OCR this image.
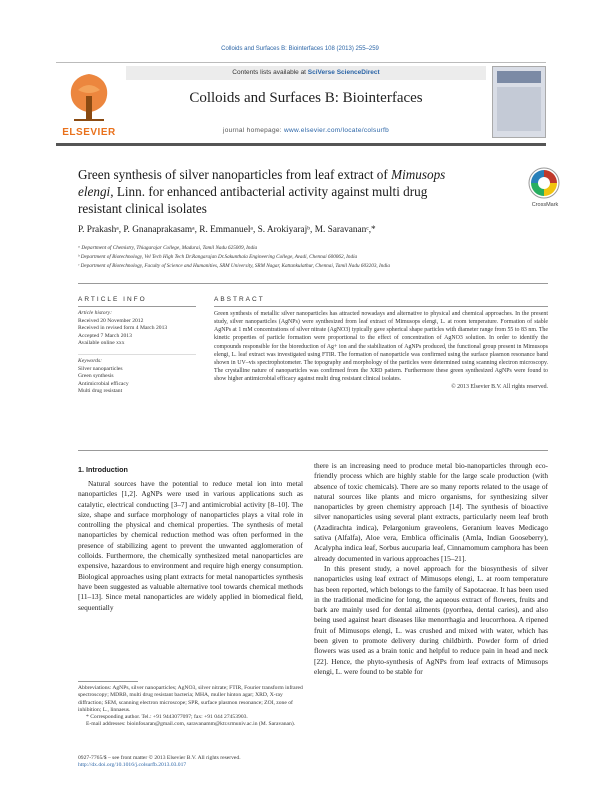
Colloids and Surfaces B: Biointerfaces 108 (2013) 255–259
ELSEVIER
Contents lists available at SciVerse ScienceDirect
Colloids and Surfaces B: Biointerfaces
journal homepage: www.elsevier.com/locate/colsurfb
Green synthesis of silver nanoparticles from leaf extract of Mimusops
elengi, Linn. for enhanced antibacterial activity against multi drug
resistant clinical isolates	CrossMark
P. Prakashᵃ, P. Gnanaprakasamᵃ, R. Emmanuelᵃ, S. Arokiyarajᵇ, M. Saravananᶜ,*
ᵃ Department of Chemistry, Thiagarajar College, Madurai, Tamil Nadu 625009, India
ᵇ Department of Biotechnology, Vel Tech High Tech Dr.Rangarajan Dr.Sakunthala Engineering College, Avadi, Chennai 600062, India
ᶜ Department of Biotechnology, Faculty of Science and Humanities, SRM University, SRM Nagar, Kattankulathur, Chennai, Tamil Nadu 603203, India
ARTICLE INFO
Article history:
Received 20 November 2012
Received in revised form 4 March 2013
Accepted 7 March 2013
Available online xxx
Keywords:
Silver nanoparticles
Green synthesis
Antimicrobial efficacy
Multi drug resistant
ABSTRACT
Green synthesis of metallic silver nanoparticles has attracted nowadays and alternative to physical and chemical approaches. In the present study, silver nanoparticles (AgNPs) were synthesized from leaf extract of Mimusops elengi, L. at room temperature. Formation of stable AgNPs at 1 mM concentrations of silver nitrate (AgNO3) typically gave spherical shape particles with diameter range from 55 to 83 nm. The kinetic properties of particle formation were proportional to the effect of concentration of AgNO3 solution. In order to identify the compounds responsible for the bioreduction of Ag+ ion and the stabilization of AgNPs produced, the functional group present in Mimusops elengi, L. leaf extract was investigated using FTIR. The formation of nanoparticle was confirmed using the surface plasmon resonance band shown in UV–vis spectrophotometer. The topography and morphology of the particles were determined using scanning electron microscopy. The crystalline nature of nanoparticles was confirmed from the XRD pattern. Furthermore these green synthesized AgNPs were found to show higher antimicrobial efficacy against multi drug resistant clinical isolates.
© 2013 Elsevier B.V. All rights reserved.
1. Introduction
Natural sources have the potential to reduce metal ion into metal nanoparticles [1,2]. AgNPs were used in various applications such as catalytic, electrical conducting [3–7] and antimicrobial activity [8–10]. The size, shape and surface morphology of nanoparticles plays a vital role in controlling the physical and chemical properties. The synthesis of metal nanoparticles by chemical reduction method was often performed in the presence of stabilizing agent to prevent the unwanted agglomeration of colloids. Furthermore, the chemically synthesized metal nanoparticles are expensive, hazardous to environment and require high energy consumption. Biological approaches using plant extracts for metal nanoparticles synthesis have been suggested as valuable alternative tool towards chemical methods [11–13]. Since metal nanoparticles are widely applied in biomedical field, sequentially
there is an increasing need to produce metal bio-nanoparticles through eco-friendly process which are highly stable for the large scale production (with absence of toxic chemicals). There are so many reports related to the usage of natural sources like plants and micro organisms, for synthesizing silver nanoparticles by green chemistry approach [14]. The synthesis of bioactive silver nanoparticles using several plant extracts, particularly neem leaf broth (Azadirachta indica), Pelargonium graveolens, Geranium leaves Medicago sativa (Alfalfa), Aloe vera, Emblica officinalis (Amla, Indian Gooseberry), Acalypha indica leaf, Sorbus aucuparia leaf, Cinnamomum camphora has been already documented in various approaches [15–21].
In this present study, a novel approach for the biosynthesis of silver nanoparticles using leaf extract of Mimusops elengi, L. at room temperature has been reported, which belongs to the family of Sapotaceae. It has been used in the traditional medicine for long, the aqueous extract of flowers, fruits and bark are mainly used for dental ailments (pyorrhea, dental caries), and also being used against heart diseases like menorrhagia and leucorrhoea. A ripened fruit of Mimusops elengi, L. was crushed and mixed with water, which has been given to promote delivery during childbirth. Powder form of dried flowers was used as a brain tonic and helpful to reduce pain in head and neck [22]. Hence, the phyto-synthesis of AgNPs from leaf extracts of Mimusops elengi, L. were found to be stable for
Abbreviations: AgNPs, silver nanoparticles; AgNO3, silver nitrate; FTIR, Fourier transform infrared spectroscopy; MDRB, multi drug resistant bacteria; MHA, muller hinton agar; XRD, X-ray diffraction; SEM, scanning electron microscope; SPR, surface plasmon resonance; ZOI, zone of inhibition; L., linnaeus.
* Corresponding author. Tel.: +91 9443077097; fax: +91 044 27453903.
E-mail addresses: bioinfosaran@gmail.com, saravanamm@ktr.srmuniv.ac.in (M. Saravanan).
0927-7765/$ – see front matter © 2013 Elsevier B.V. All rights reserved.
http://dx.doi.org/10.1016/j.colsurfb.2013.03.017
